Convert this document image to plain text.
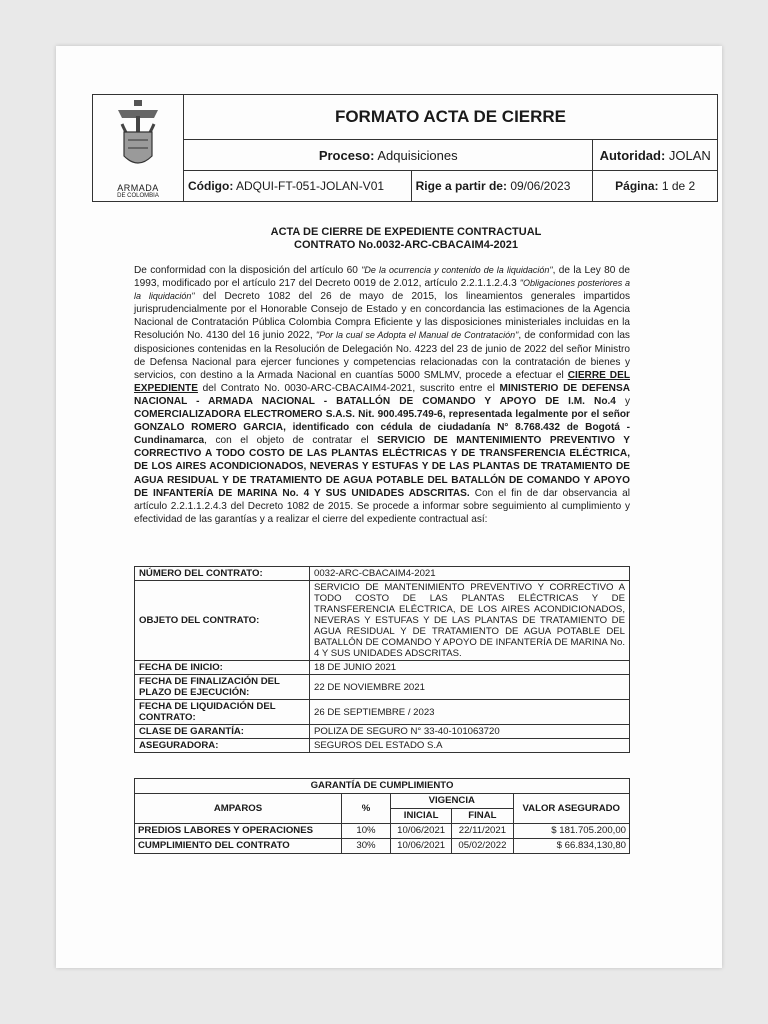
ARMADA
DE COLOMBIA	FORMATO ACTA DE CIERRE		
	Proceso: Adquisiciones		Autoridad: JOLAN
	Código: ADQUI-FT-051-JOLAN-V01	Rige a partir de: 09/06/2023	Página: 1 de 2
ACTA DE CIERRE DE EXPEDIENTE CONTRACTUAL
CONTRATO No.0032-ARC-CBACAIM4-2021
De conformidad con la disposición del artículo 60 "De la ocurrencia y contenido de la liquidación", de la Ley 80 de 1993, modificado por el artículo 217 del Decreto 0019 de 2.012, artículo 2.2.1.1.2.4.3 "Obligaciones posteriores a la liquidación" del Decreto 1082 del 26 de mayo de 2015, los lineamientos generales impartidos jurisprudencialmente por el Honorable Consejo de Estado y en concordancia las estimaciones de la Agencia Nacional de Contratación Pública Colombia Compra Eficiente y las disposiciones ministeriales incluidas en la Resolución No. 4130 del 16 junio 2022, "Por la cual se Adopta el Manual de Contratación", de conformidad con las disposiciones contenidas en la Resolución de Delegación No. 4223 del 23 de junio de 2022 del señor Ministro de Defensa Nacional para ejercer funciones y competencias relacionadas con la contratación de bienes y servicios, con destino a la Armada Nacional en cuantías 5000 SMLMV, procede a efectuar el CIERRE DEL EXPEDIENTE del Contrato No. 0030-ARC-CBACAIM4-2021, suscrito entre el MINISTERIO DE DEFENSA NACIONAL - ARMADA NACIONAL - BATALLÓN DE COMANDO Y APOYO DE I.M. No.4 y COMERCIALIZADORA ELECTROMERO S.A.S. Nit. 900.495.749-6, representada legalmente por el señor GONZALO ROMERO GARCIA, identificado con cédula de ciudadanía N° 8.768.432 de Bogotá - Cundinamarca, con el objeto de contratar el SERVICIO DE MANTENIMIENTO PREVENTIVO Y CORRECTIVO A TODO COSTO DE LAS PLANTAS ELÉCTRICAS Y DE TRANSFERENCIA ELÉCTRICA, DE LOS AIRES ACONDICIONADOS, NEVERAS Y ESTUFAS Y DE LAS PLANTAS DE TRATAMIENTO DE AGUA RESIDUAL Y DE TRATAMIENTO DE AGUA POTABLE DEL BATALLÓN DE COMANDO Y APOYO DE INFANTERÍA DE MARINA No. 4 Y SUS UNIDADES ADSCRITAS. Con el fin de dar observancia al artículo 2.2.1.1.2.4.3 del Decreto 1082 de 2015. Se procede a informar sobre seguimiento al cumplimiento y efectividad de las garantías y a realizar el cierre del expediente contractual así:
NÚMERO DEL CONTRATO:	0032-ARC-CBACAIM4-2021
OBJETO DEL CONTRATO:	SERVICIO DE MANTENIMIENTO PREVENTIVO Y CORRECTIVO A TODO COSTO DE LAS PLANTAS ELÉCTRICAS Y DE TRANSFERENCIA ELÉCTRICA, DE LOS AIRES ACONDICIONADOS, NEVERAS Y ESTUFAS Y DE LAS PLANTAS DE TRATAMIENTO DE AGUA RESIDUAL Y DE TRATAMIENTO DE AGUA POTABLE DEL BATALLÓN DE COMANDO Y APOYO DE INFANTERÍA DE MARINA No. 4 Y SUS UNIDADES ADSCRITAS.
FECHA DE INICIO:	18 DE JUNIO 2021
FECHA DE FINALIZACIÓN DEL PLAZO DE EJECUCIÓN:	22 DE NOVIEMBRE 2021
FECHA DE LIQUIDACIÓN DEL CONTRATO:	26 DE SEPTIEMBRE / 2023
CLASE DE GARANTÍA:	POLIZA DE SEGURO N° 33-40-101063720
ASEGURADORA:	SEGUROS DEL ESTADO S.A
GARANTÍA DE CUMPLIMIENTO				
AMPAROS	%	VIGENCIA		VALOR ASEGURADO
		INICIAL	FINAL	
PREDIOS LABORES Y OPERACIONES	10%	10/06/2021	22/11/2021	$ 181.705.200,00
CUMPLIMIENTO DEL CONTRATO	30%	10/06/2021	05/02/2022	$ 66.834,130,80
